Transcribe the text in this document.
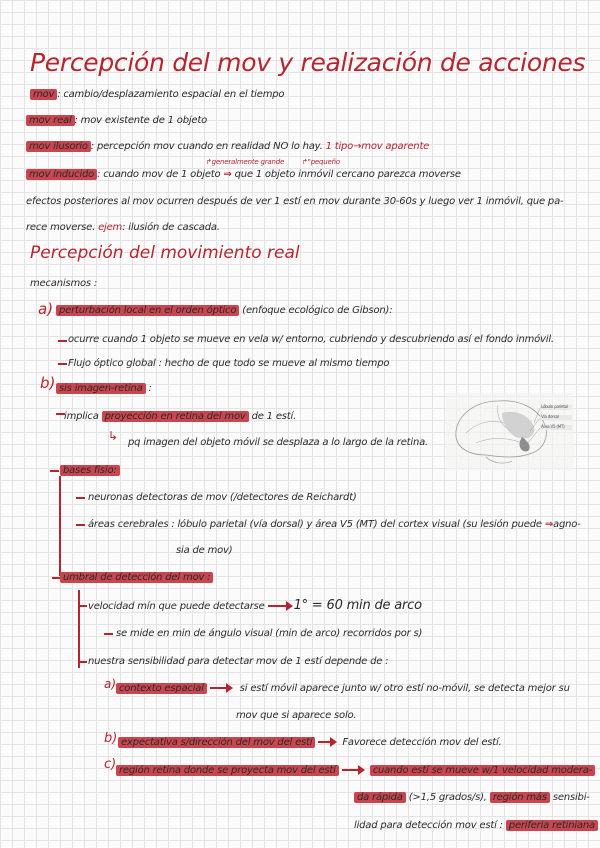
Percepción del mov y realización de acciones
mov : cambio/desplazamiento espacial en el tiempo
mov real : mov existente de 1 objeto
mov ilusorio : percepción mov cuando en realidad NO lo hay. 1 tipo→mov aparente
↱generalmente grande	↱"pequeño
mov inducido : cuando mov de 1 objeto ⇒ que 1 objeto inmóvil cercano parezca moverse
efectos posteriores al mov ocurren después de ver 1 estí en mov durante 30-60s y luego ver 1 inmóvil, que pa-
rece moverse. ejem: ilusión de cascada.
Percepción del movimiento real
mecanismos :
a) perturbación local en el orden óptico (enfoque ecológico de Gibson):
ocurre cuando 1 objeto se mueve en vela w/ entorno, cubriendo y descubriendo así el fondo inmóvil.
Flujo óptico global : hecho de que todo se mueve al mismo tiempo
b) sis imagen-retina :
implica proyección en retina del mov de 1 estí.
↳ pq imagen del objeto móvil se desplaza a lo largo de la retina.
bases fisio:
neuronas detectoras de mov (/detectores de Reichardt)
áreas cerebrales : lóbulo parietal (vía dorsal) y área V5 (MT) del cortex visual (su lesión puede ⇒agno-
sia de mov)
umbral de detección del mov :
velocidad mín que puede detectarse 1° = 60 min de arco
se mide en min de ángulo visual (min de arco) recorridos por s)
nuestra sensibilidad para detectar mov de 1 estí depende de :
a) contexto espacial	si estí móvil aparece junto w/ otro estí no-móvil, se detecta mejor su
mov que si aparece solo.
b) expectativa s/dirección del mov del estí	Favorece detección mov del estí.
c) región retina donde se proyecta mov del estí	cuando estí se mueve w/1 velocidad modera-
da rápida (>1,5 grados/s), región más sensibi-
lidad para detección mov estí : periferia retiniana
Lóbulo parietal
Vía dorsal
Área V5 (MT)
